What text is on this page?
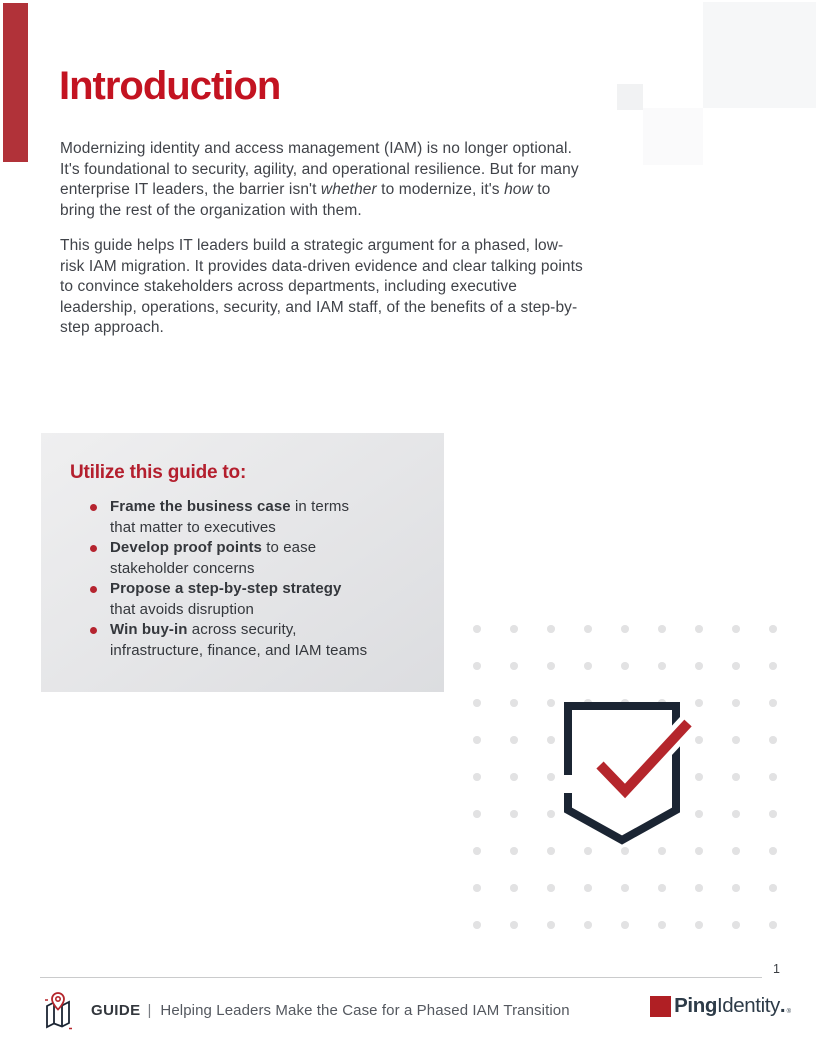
Introduction

Modernizing identity and access management (IAM) is no longer optional. It's foundational to security, agility, and operational resilience. But for many enterprise IT leaders, the barrier isn't whether to modernize, it's how to bring the rest of the organization with them.

This guide helps IT leaders build a strategic argument for a phased, low-risk IAM migration. It provides data-driven evidence and clear talking points to convince stakeholders across departments, including executive leadership, operations, security, and IAM staff, of the benefits of a step-by-step approach.

Utilize this guide to:
Frame the business case in terms
that matter to executives
Develop proof points to ease
stakeholder concerns
Propose a step-by-step strategy
that avoids disruption
Win buy-in across security,
infrastructure, finance, and IAM teams
1
GUIDE | Helping Leaders Make the Case for a Phased IAM Transition	Ping Identity . ®
